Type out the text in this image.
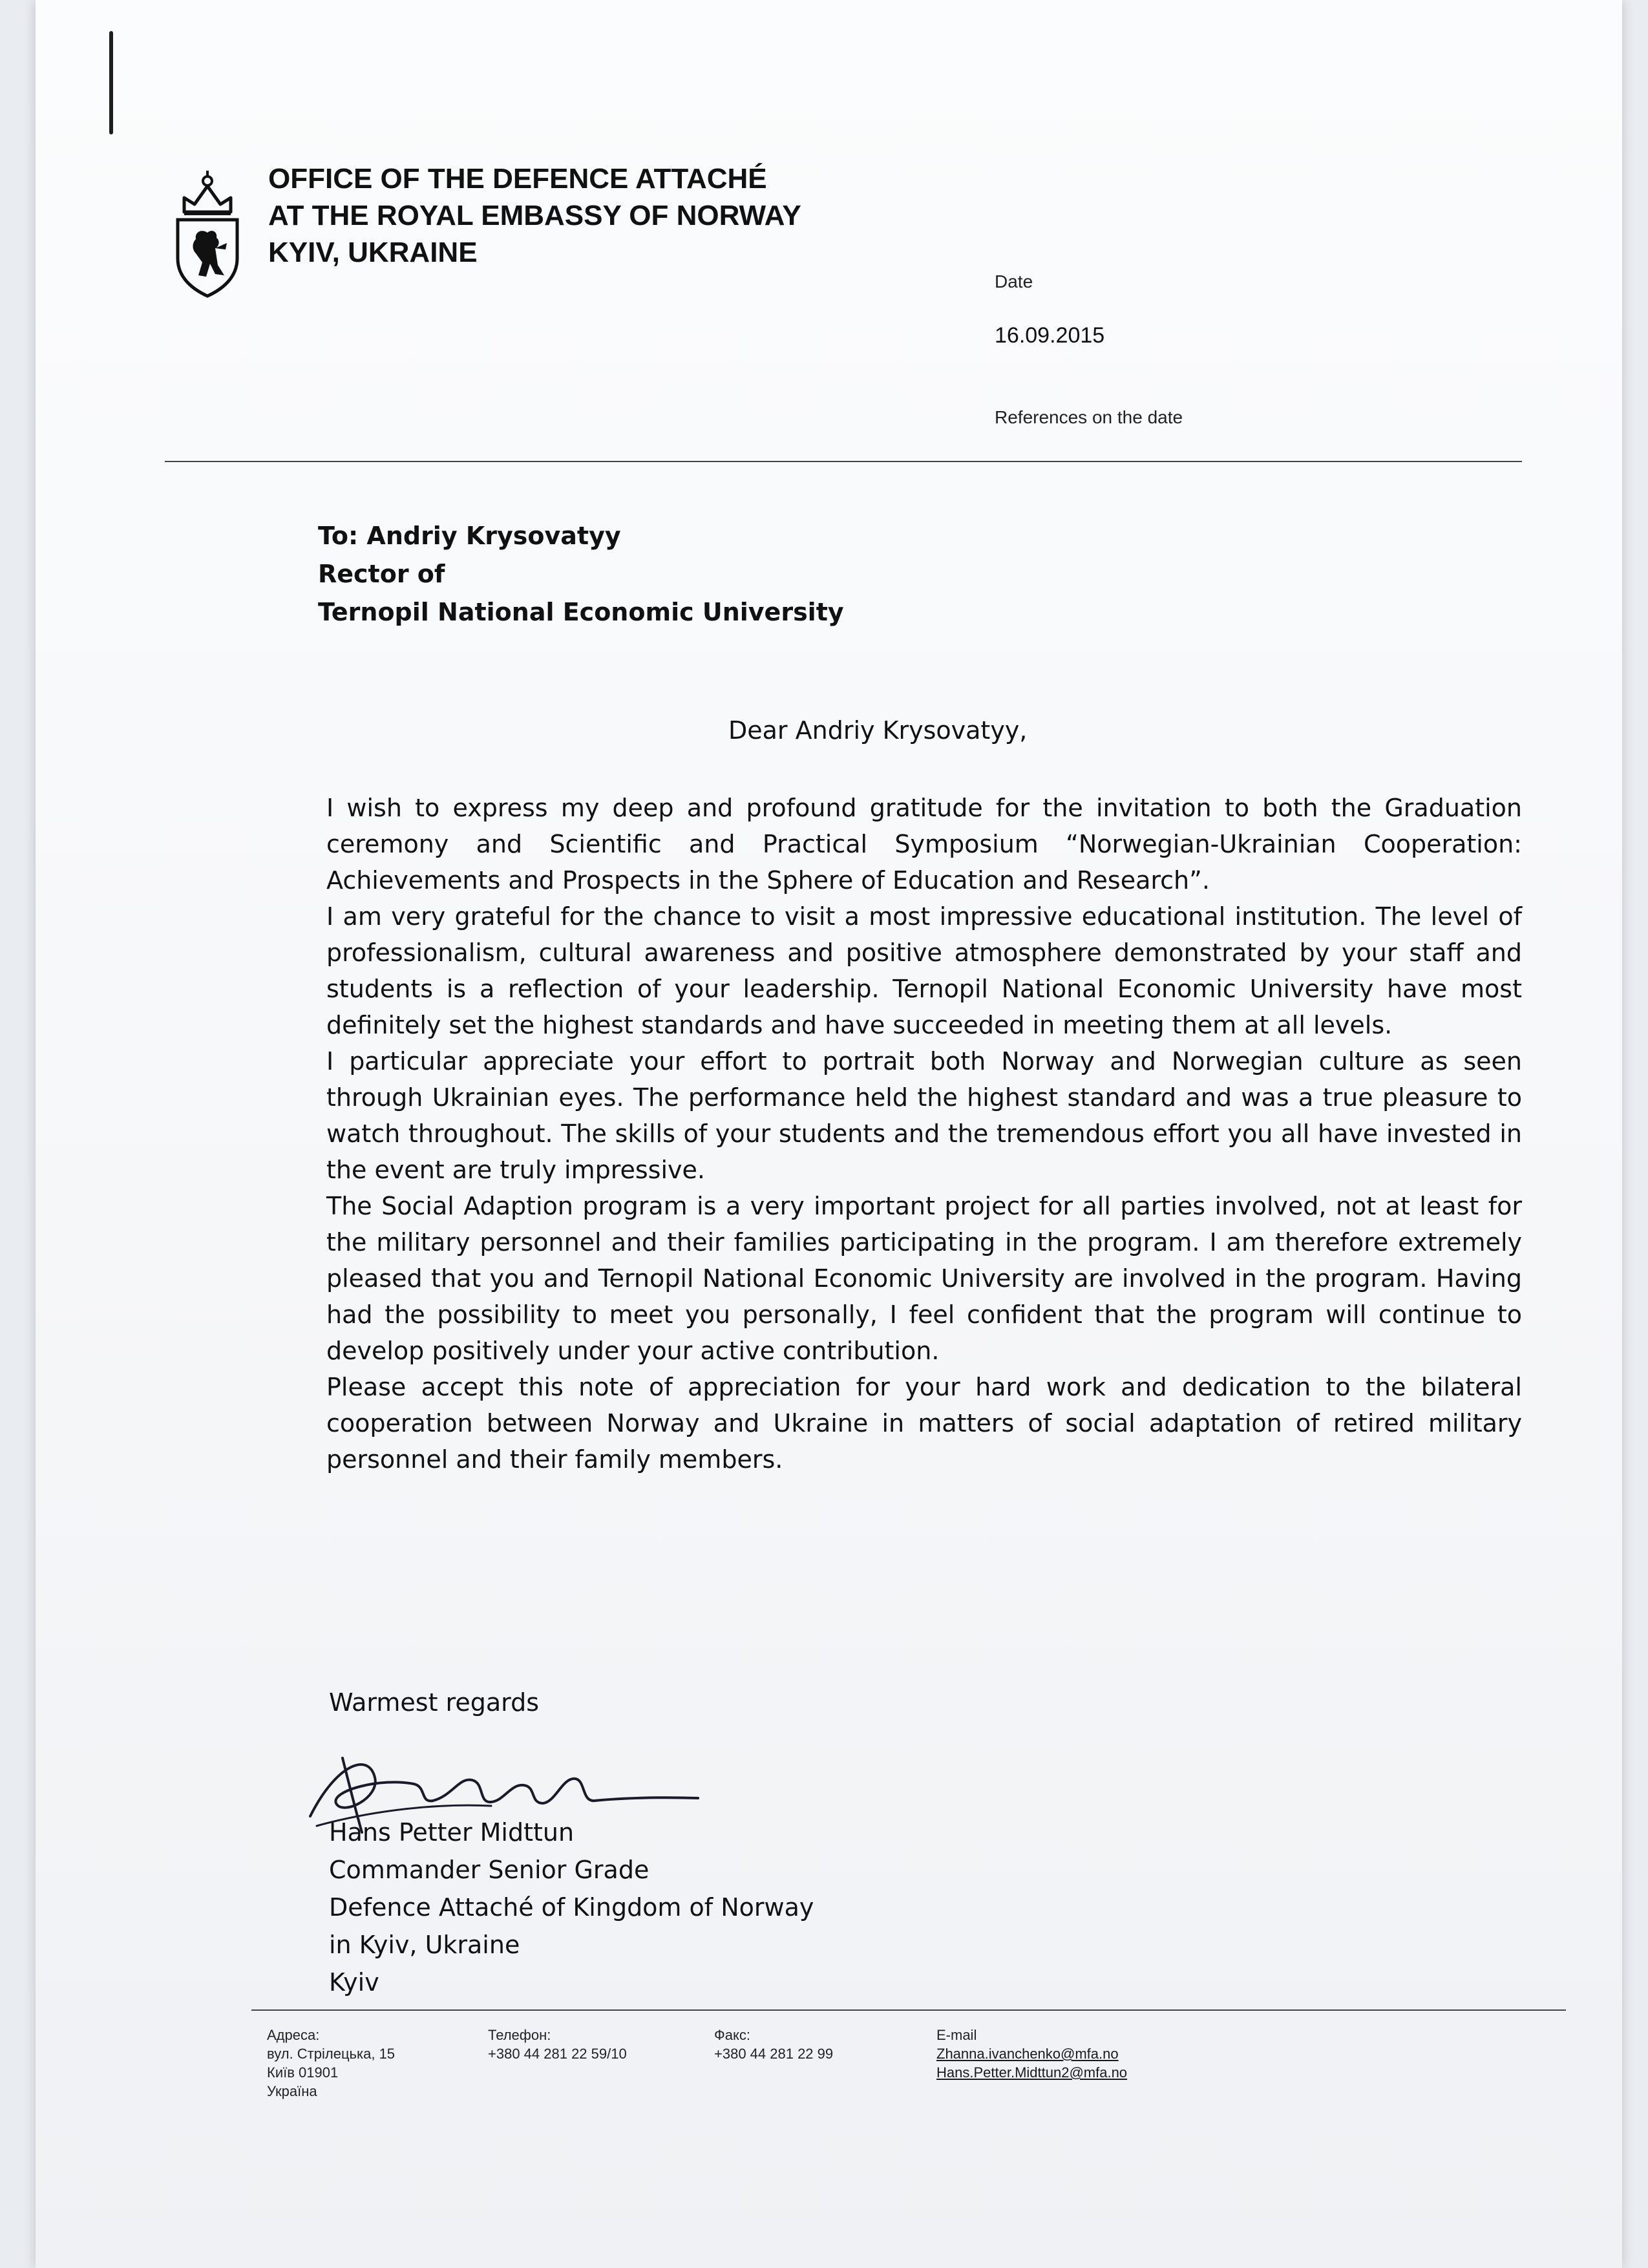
OFFICE OF THE DEFENCE ATTACHÉ
AT THE ROYAL EMBASSY OF NORWAY
KYIV, UKRAINE
Date
16.09.2015
References on the date
To: Andriy Krysovatyy
Rector of
Ternopil National Economic University
Dear Andriy Krysovatyy,

I wish to express my deep and profound gratitude for the invitation to both the Graduation ceremony and Scientific and Practical Symposium “Norwegian-Ukrainian Cooperation: Achievements and Prospects in the Sphere of Education and Research”.

I am very grateful for the chance to visit a most impressive educational institution. The level of professionalism, cultural awareness and positive atmosphere demonstrated by your staff and students is a reflection of your leadership. Ternopil National Economic University have most definitely set the highest standards and have succeeded in meeting them at all levels.

I particular appreciate your effort to portrait both Norway and Norwegian culture as seen through Ukrainian eyes. The performance held the highest standard and was a true pleasure to watch throughout. The skills of your students and the tremendous effort you all have invested in the event are truly impressive.

The Social Adaption program is a very important project for all parties involved, not at least for the military personnel and their families participating in the program. I am therefore extremely pleased that you and Ternopil National Economic University are involved in the program. Having had the possibility to meet you personally, I feel confident that the program will continue to develop positively under your active contribution.

Please accept this note of appreciation for your hard work and dedication to the bilateral cooperation between Norway and Ukraine in matters of social adaptation of retired military personnel and their family members.

Warmest regards
Hans Petter Midttun
Commander Senior Grade
Defence Attaché of Kingdom of Norway
in Kyiv, Ukraine
Kyiv
Адреса:
вул. Стрілецька, 15
Київ 01901
Україна
Телефон:
+380 44 281 22 59/10
Факс:
+380 44 281 22 99
E-mail
Zhanna.ivanchenko@mfa.no
Hans.Petter.Midttun2@mfa.no
